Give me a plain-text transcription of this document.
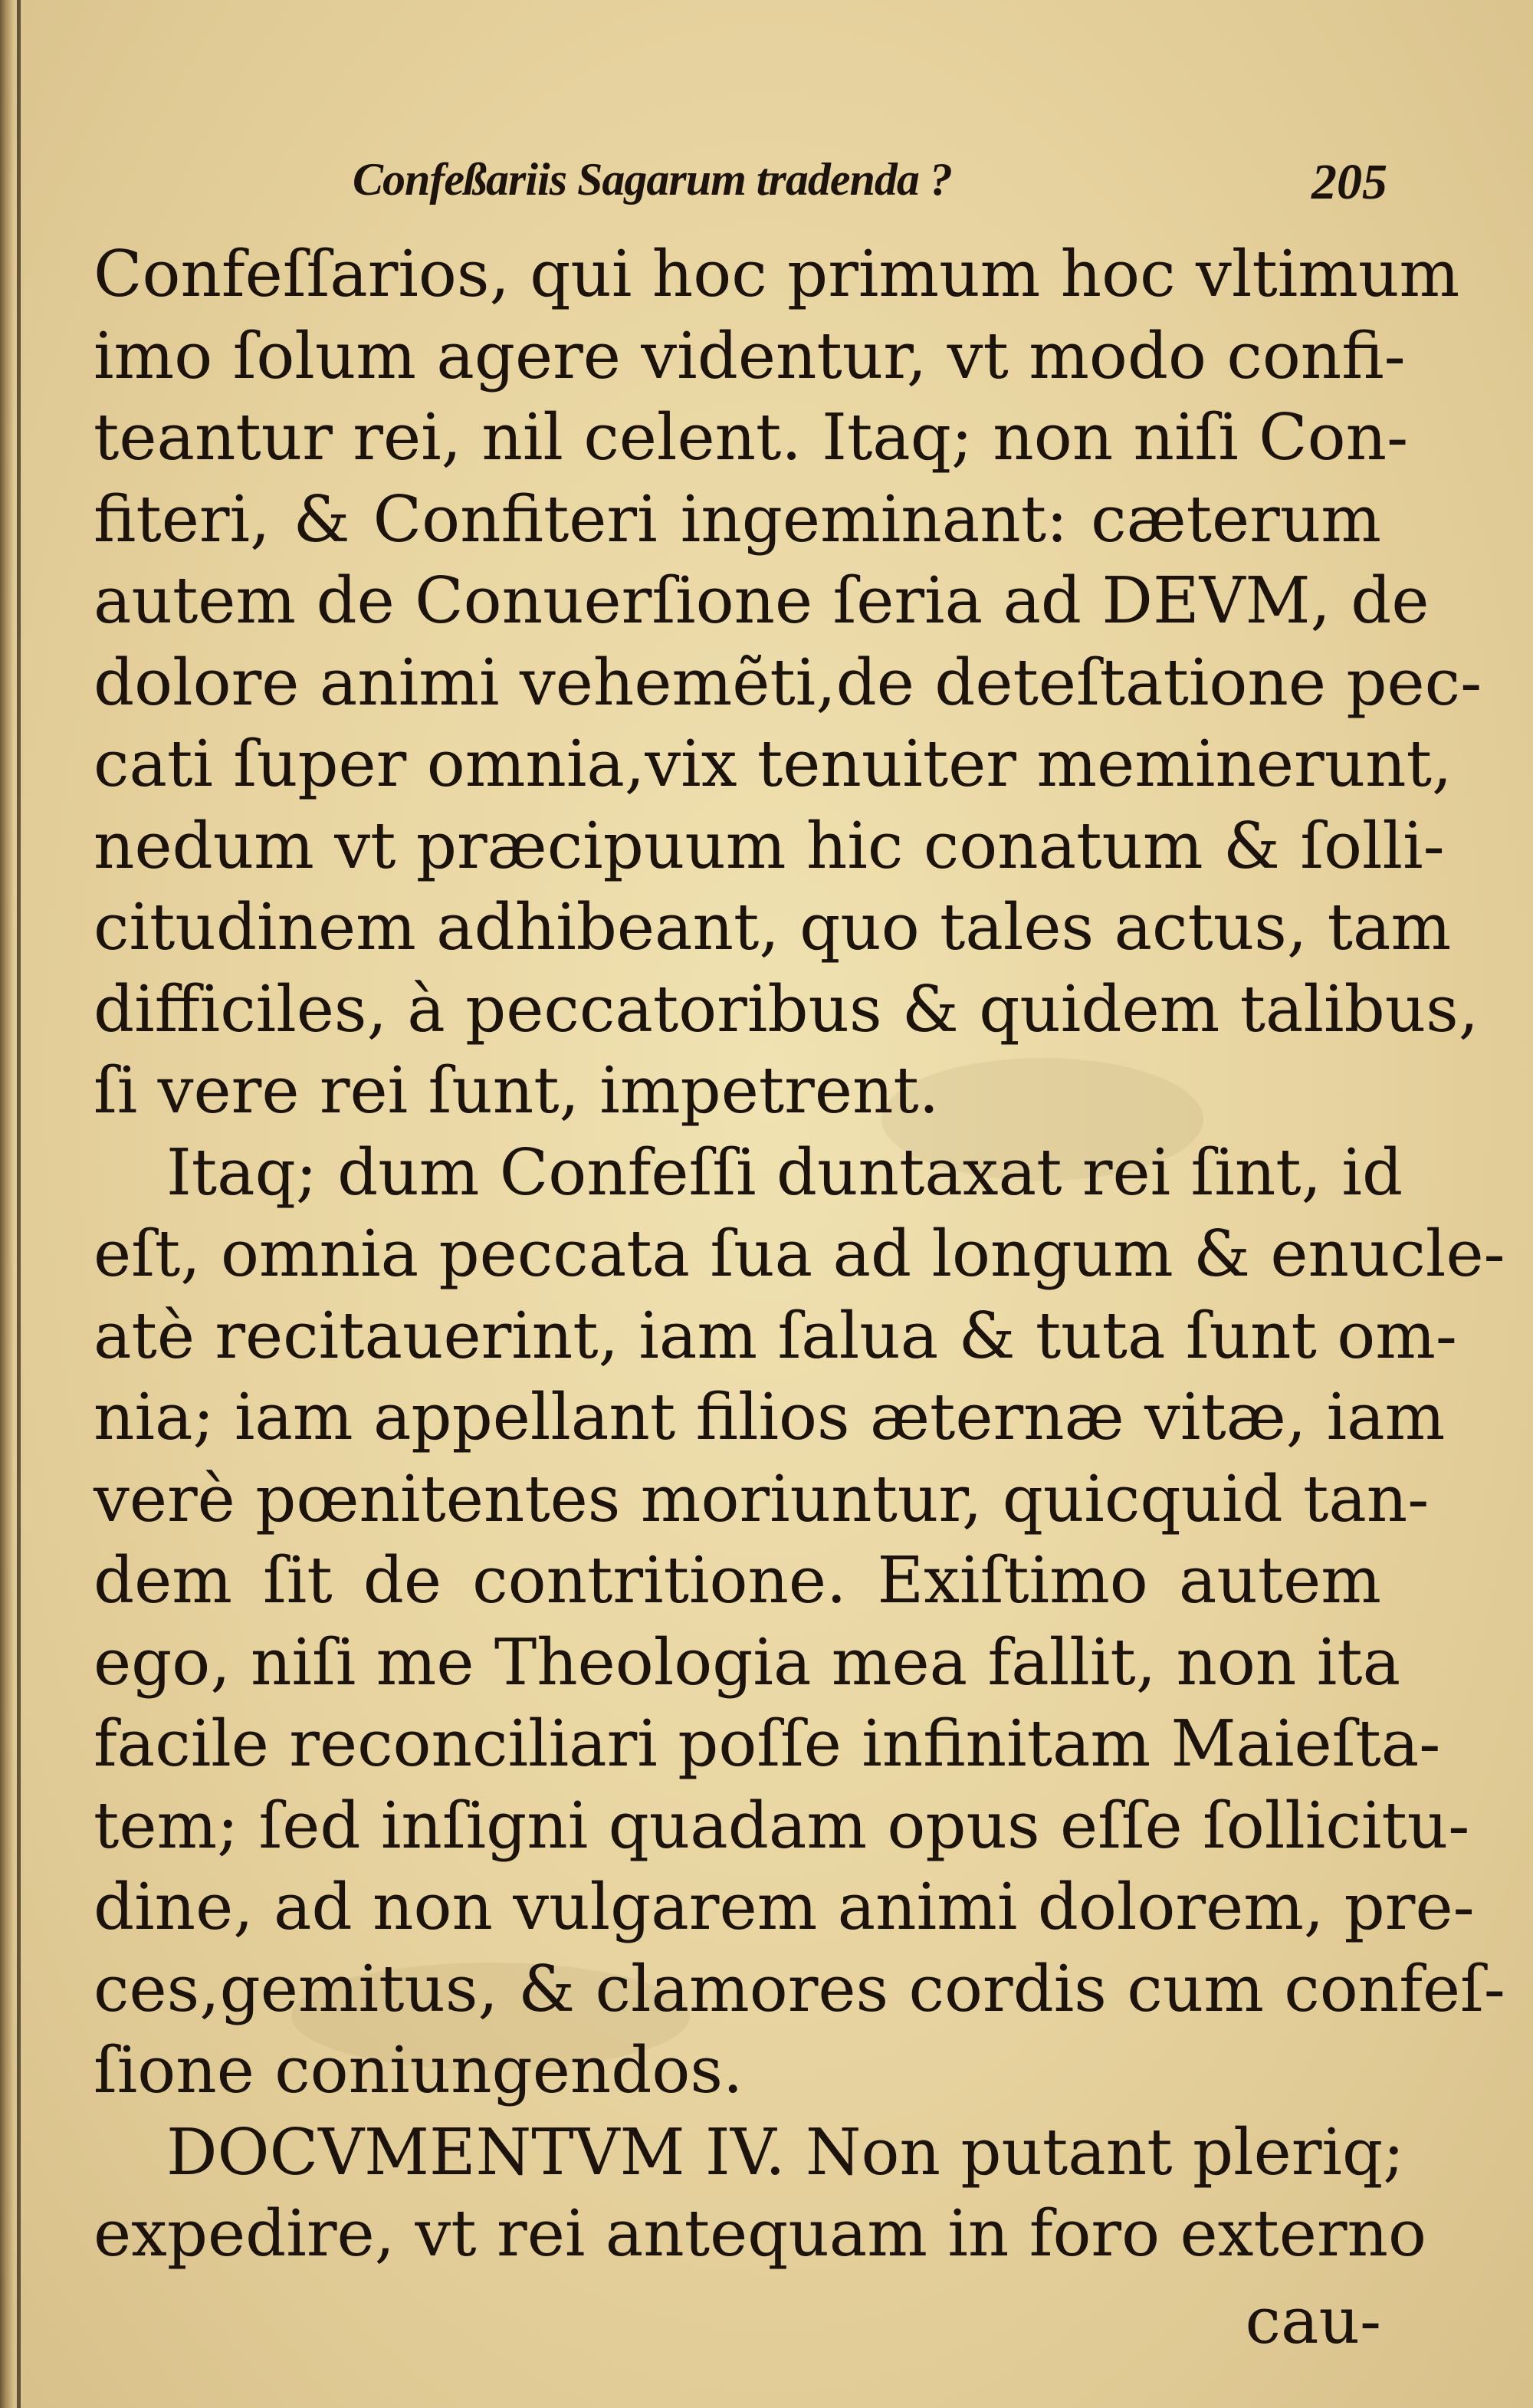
Confeßariis Sagarum tradenda ?	205
Confeſſarios, qui hoc primum hoc vltimum
imo ſolum agere videntur, vt modo confi-
teantur rei, nil celent. Itaq; non niſi Con-
fiteri, & Confiteri ingeminant: cæterum
autem de Conuerſione ſeria ad DEVM, de
dolore animi vehemẽti,de deteſtatione pec-
cati ſuper omnia,vix tenuiter meminerunt,
nedum vt præcipuum hic conatum & ſolli-
citudinem adhibeant, quo tales actus, tam
difficiles, à peccatoribus & quidem talibus,
ſi vere rei ſunt, impetrent.
Itaq; dum Confeſſi duntaxat rei ſint, id
eſt, omnia peccata ſua ad longum & enucle-
atè recitauerint, iam ſalua & tuta ſunt om-
nia; iam appellant filios æternæ vitæ, iam
verè pœnitentes moriuntur, quicquid tan-
dem ſit de contritione. Exiſtimo autem
ego, niſi me Theologia mea fallit, non ita
facile reconciliari poſſe infinitam Maieſta-
tem; ſed inſigni quadam opus eſſe ſollicitu-
dine, ad non vulgarem animi dolorem, pre-
ces,gemitus, & clamores cordis cum confeſ-
ſione coniungendos.
DOCVMENTVM IV. Non putant pleriq;
expedire, vt rei antequam in foro externo
cau-
